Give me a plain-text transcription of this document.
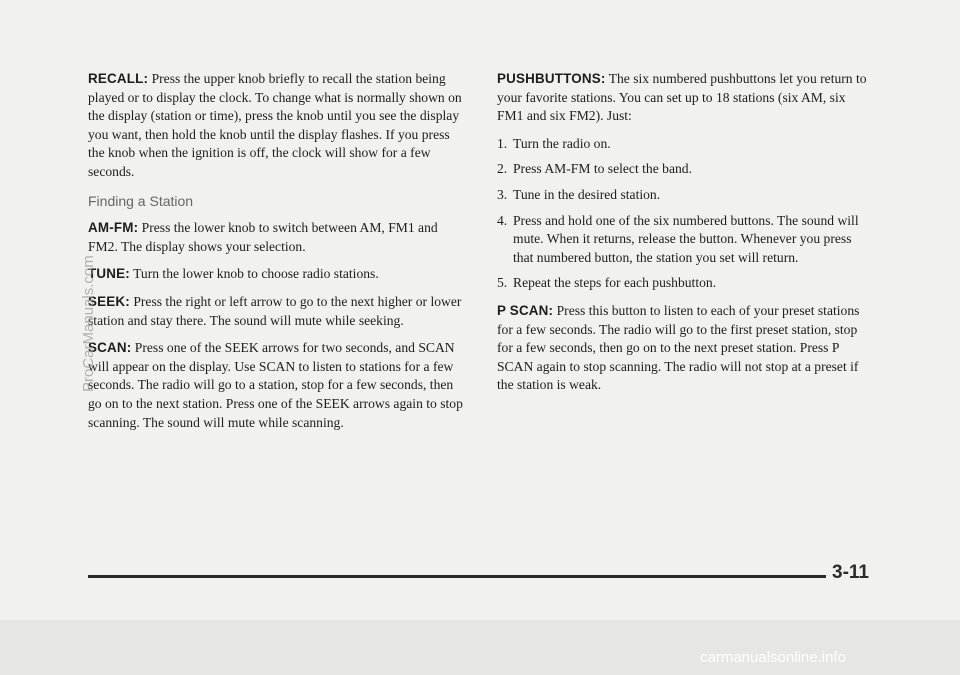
RECALL: Press the upper knob briefly to recall the station being played or to display the clock. To change what is normally shown on the display (station or time), press the knob until you see the display you want, then hold the knob until the display flashes. If you press the knob when the ignition is off, the clock will show for a few seconds.

Finding a Station

AM-FM: Press the lower knob to switch between AM, FM1 and FM2. The display shows your selection.

TUNE: Turn the lower knob to choose radio stations.

SEEK: Press the right or left arrow to go to the next higher or lower station and stay there. The sound will mute while seeking.

SCAN: Press one of the SEEK arrows for two seconds, and SCAN will appear on the display. Use SCAN to listen to stations for a few seconds. The radio will go to a station, stop for a few seconds, then go on to the next station. Press one of the SEEK arrows again to stop scanning. The sound will mute while scanning.

PUSHBUTTONS: The six numbered pushbuttons let you return to your favorite stations. You can set up to 18 stations (six AM, six FM1 and six FM2). Just:

1. Turn the radio on.
2. Press AM-FM to select the band.
3. Tune in the desired station.
4. Press and hold one of the six numbered buttons. The sound will mute. When it returns, release the button. Whenever you press that numbered button, the station you set will return.
5. Repeat the steps for each pushbutton.

P SCAN: Press this button to listen to each of your preset stations for a few seconds. The radio will go to the first preset station, stop for a few seconds, then go on to the next preset station. Press P SCAN again to stop scanning. The radio will not stop at a preset if the station is weak.

3-11
ProCarManuals.com
carmanualsonline.info
